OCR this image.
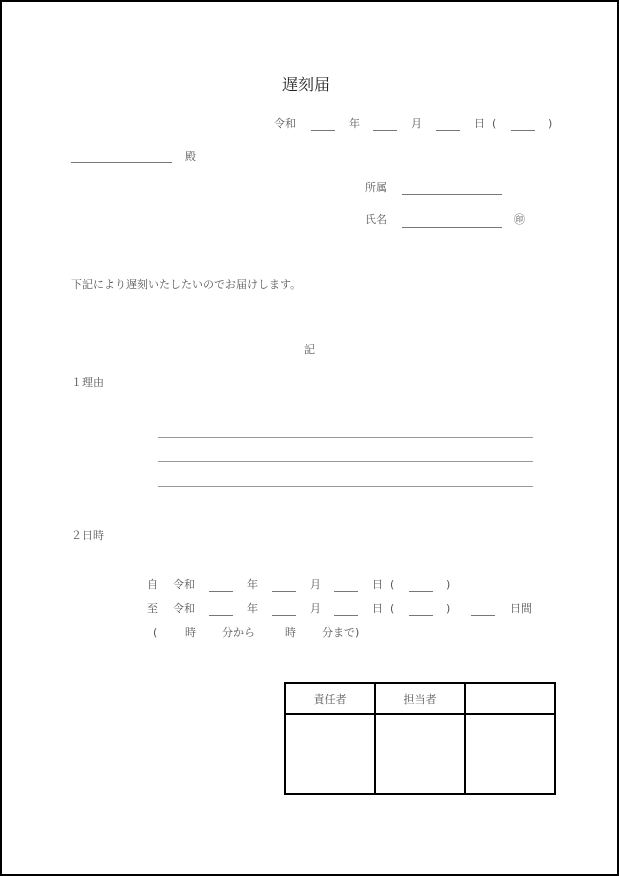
遅刻届
令和	年	月	日 (	)
殿
所属
氏名	㊞
下記により遅刻いたしたいのでお届けします。
記
１理由
２日時
自 令和	年	月	日 (	)
至 令和	年	月	日 (	)	日間
(	時 分から	時 分まで)
責任者	担当者	
